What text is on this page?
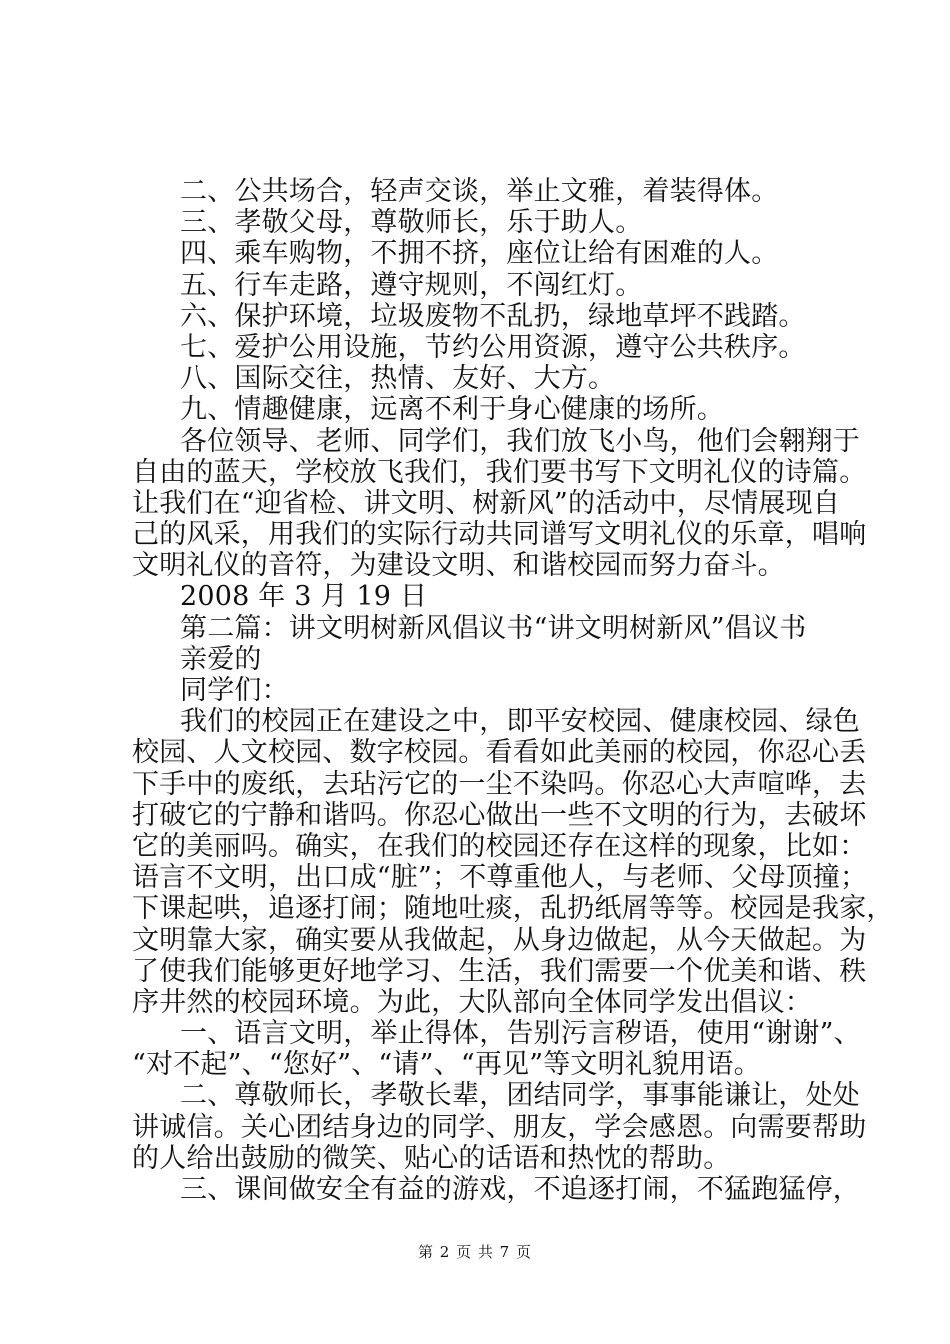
二、公共场合，轻声交谈，举止文雅，着装得体。
三、孝敬父母，尊敬师长，乐于助人。
四、乘车购物，不拥不挤，座位让给有困难的人。
五、行车走路，遵守规则，不闯红灯。
六、保护环境，垃圾废物不乱扔，绿地草坪不践踏。
七、爱护公用设施，节约公用资源，遵守公共秩序。
八、国际交往，热情、友好、大方。
九、情趣健康，远离不利于身心健康的场所。
各位领导、老师、同学们，我们放飞小鸟，他们会翱翔于
自由的蓝天，学校放飞我们，我们要书写下文明礼仪的诗篇。
让我们在“迎省检、讲文明、树新风”的活动中，尽情展现自
己的风采，用我们的实际行动共同谱写文明礼仪的乐章，唱响
文明礼仪的音符，为建设文明、和谐校园而努力奋斗。
2008 年 3 月 19 日
第二篇：讲文明树新风倡议书“讲文明树新风”倡议书
亲爱的
同学们：
我们的校园正在建设之中，即平安校园、健康校园、绿色
校园、人文校园、数字校园。看看如此美丽的校园，你忍心丢
下手中的废纸，去玷污它的一尘不染吗。你忍心大声喧哗，去
打破它的宁静和谐吗。你忍心做出一些不文明的行为，去破坏
它的美丽吗。确实，在我们的校园还存在这样的现象，比如：
语言不文明，出口成“脏”；不尊重他人，与老师、父母顶撞；
下课起哄，追逐打闹；随地吐痰，乱扔纸屑等等。校园是我家，
文明靠大家，确实要从我做起，从身边做起，从今天做起。为
了使我们能够更好地学习、生活，我们需要一个优美和谐、秩
序井然的校园环境。为此，大队部向全体同学发出倡议：
一、语言文明，举止得体，告别污言秽语，使用“谢谢”、
“对不起”、“您好”、“请”、“再见”等文明礼貌用语。
二、尊敬师长，孝敬长辈，团结同学，事事能谦让，处处
讲诚信。关心团结身边的同学、朋友，学会感恩。向需要帮助
的人给出鼓励的微笑、贴心的话语和热忱的帮助。
三、课间做安全有益的游戏，不追逐打闹，不猛跑猛停，
第 2 页 共 7 页
